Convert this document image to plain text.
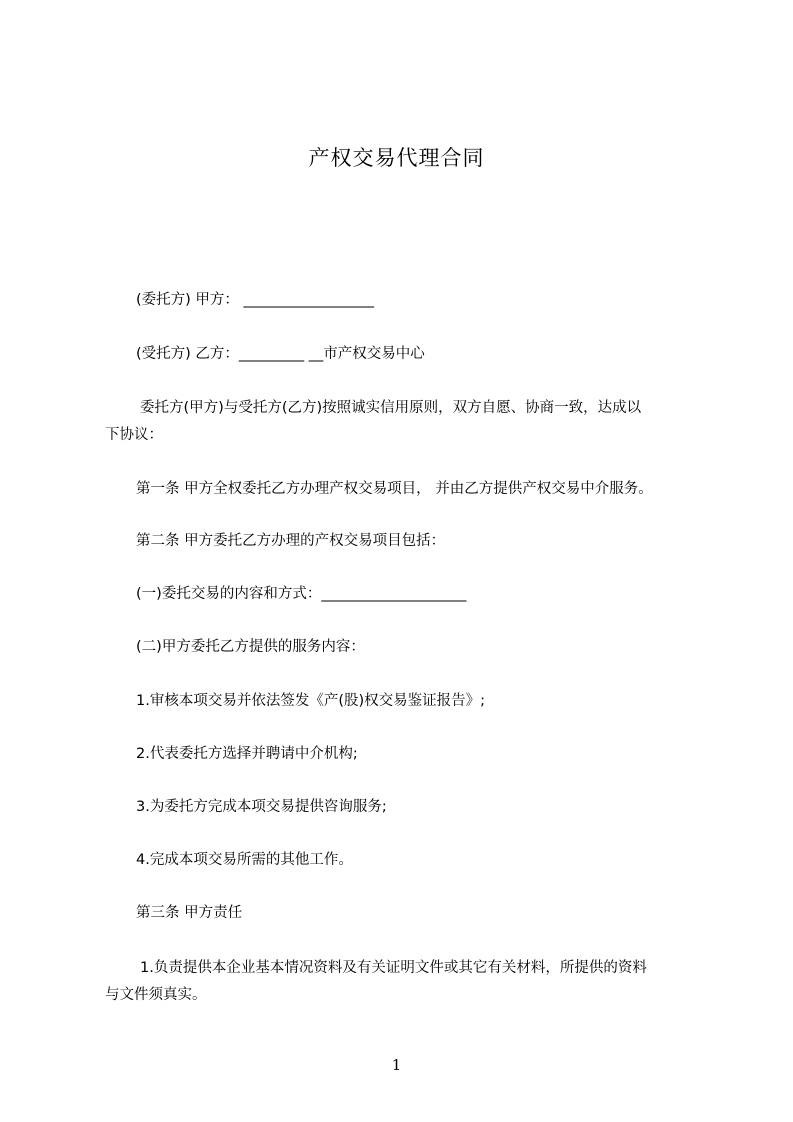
产权交易代理合同
(委托方) 甲方： __________________
(受托方) 乙方：_________ __市产权交易中心
委托方(甲方)与受托方(乙方)按照诚实信用原则，双方自愿、协商一致，达成以
下协议：
第一条 甲方全权委托乙方办理产权交易项目， 并由乙方提供产权交易中介服务。
第二条 甲方委托乙方办理的产权交易项目包括：
(一)委托交易的内容和方式：____________________
(二)甲方委托乙方提供的服务内容：
1.审核本项交易并依法签发《产(股)权交易鉴证报告》;
2.代表委托方选择并聘请中介机构;
3.为委托方完成本项交易提供咨询服务;
4.完成本项交易所需的其他工作。
第三条 甲方责任
1.负责提供本企业基本情况资料及有关证明文件或其它有关材料，所提供的资料
与文件须真实。
1
